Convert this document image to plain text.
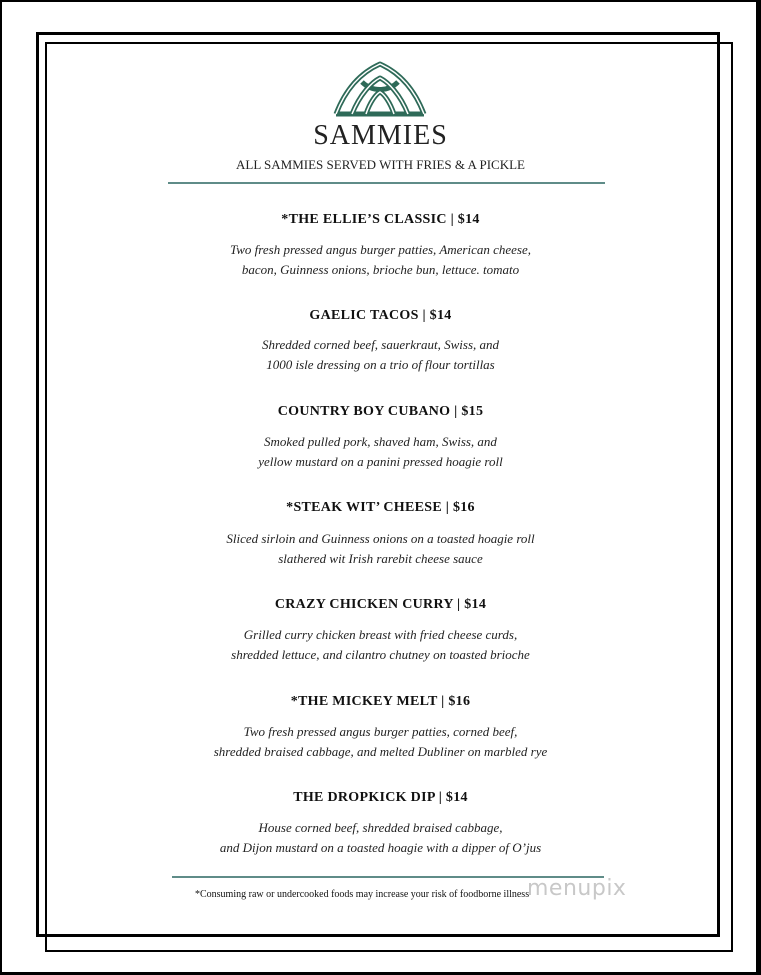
SAMMIES
ALL SAMMIES SERVED WITH FRIES & A PICKLE
*THE ELLIE’S CLASSIC | $14
Two fresh pressed angus burger patties, American cheese,
bacon, Guinness onions, brioche bun, lettuce. tomato
GAELIC TACOS | $14
Shredded corned beef, sauerkraut, Swiss, and
1000 isle dressing on a trio of flour tortillas
COUNTRY BOY CUBANO | $15
Smoked pulled pork, shaved ham, Swiss, and
yellow mustard on a panini pressed hoagie roll
*STEAK WIT’ CHEESE | $16
Sliced sirloin and Guinness onions on a toasted hoagie roll
slathered wit Irish rarebit cheese sauce
CRAZY CHICKEN CURRY | $14
Grilled curry chicken breast with fried cheese curds,
shredded lettuce, and cilantro chutney on toasted brioche
*THE MICKEY MELT | $16
Two fresh pressed angus burger patties, corned beef,
shredded braised cabbage, and melted Dubliner on marbled rye
THE DROPKICK DIP | $14
House corned beef, shredded braised cabbage,
and Dijon mustard on a toasted hoagie with a dipper of O’jus
*Consuming raw or undercooked foods may increase your risk of foodborne illness
menupix
